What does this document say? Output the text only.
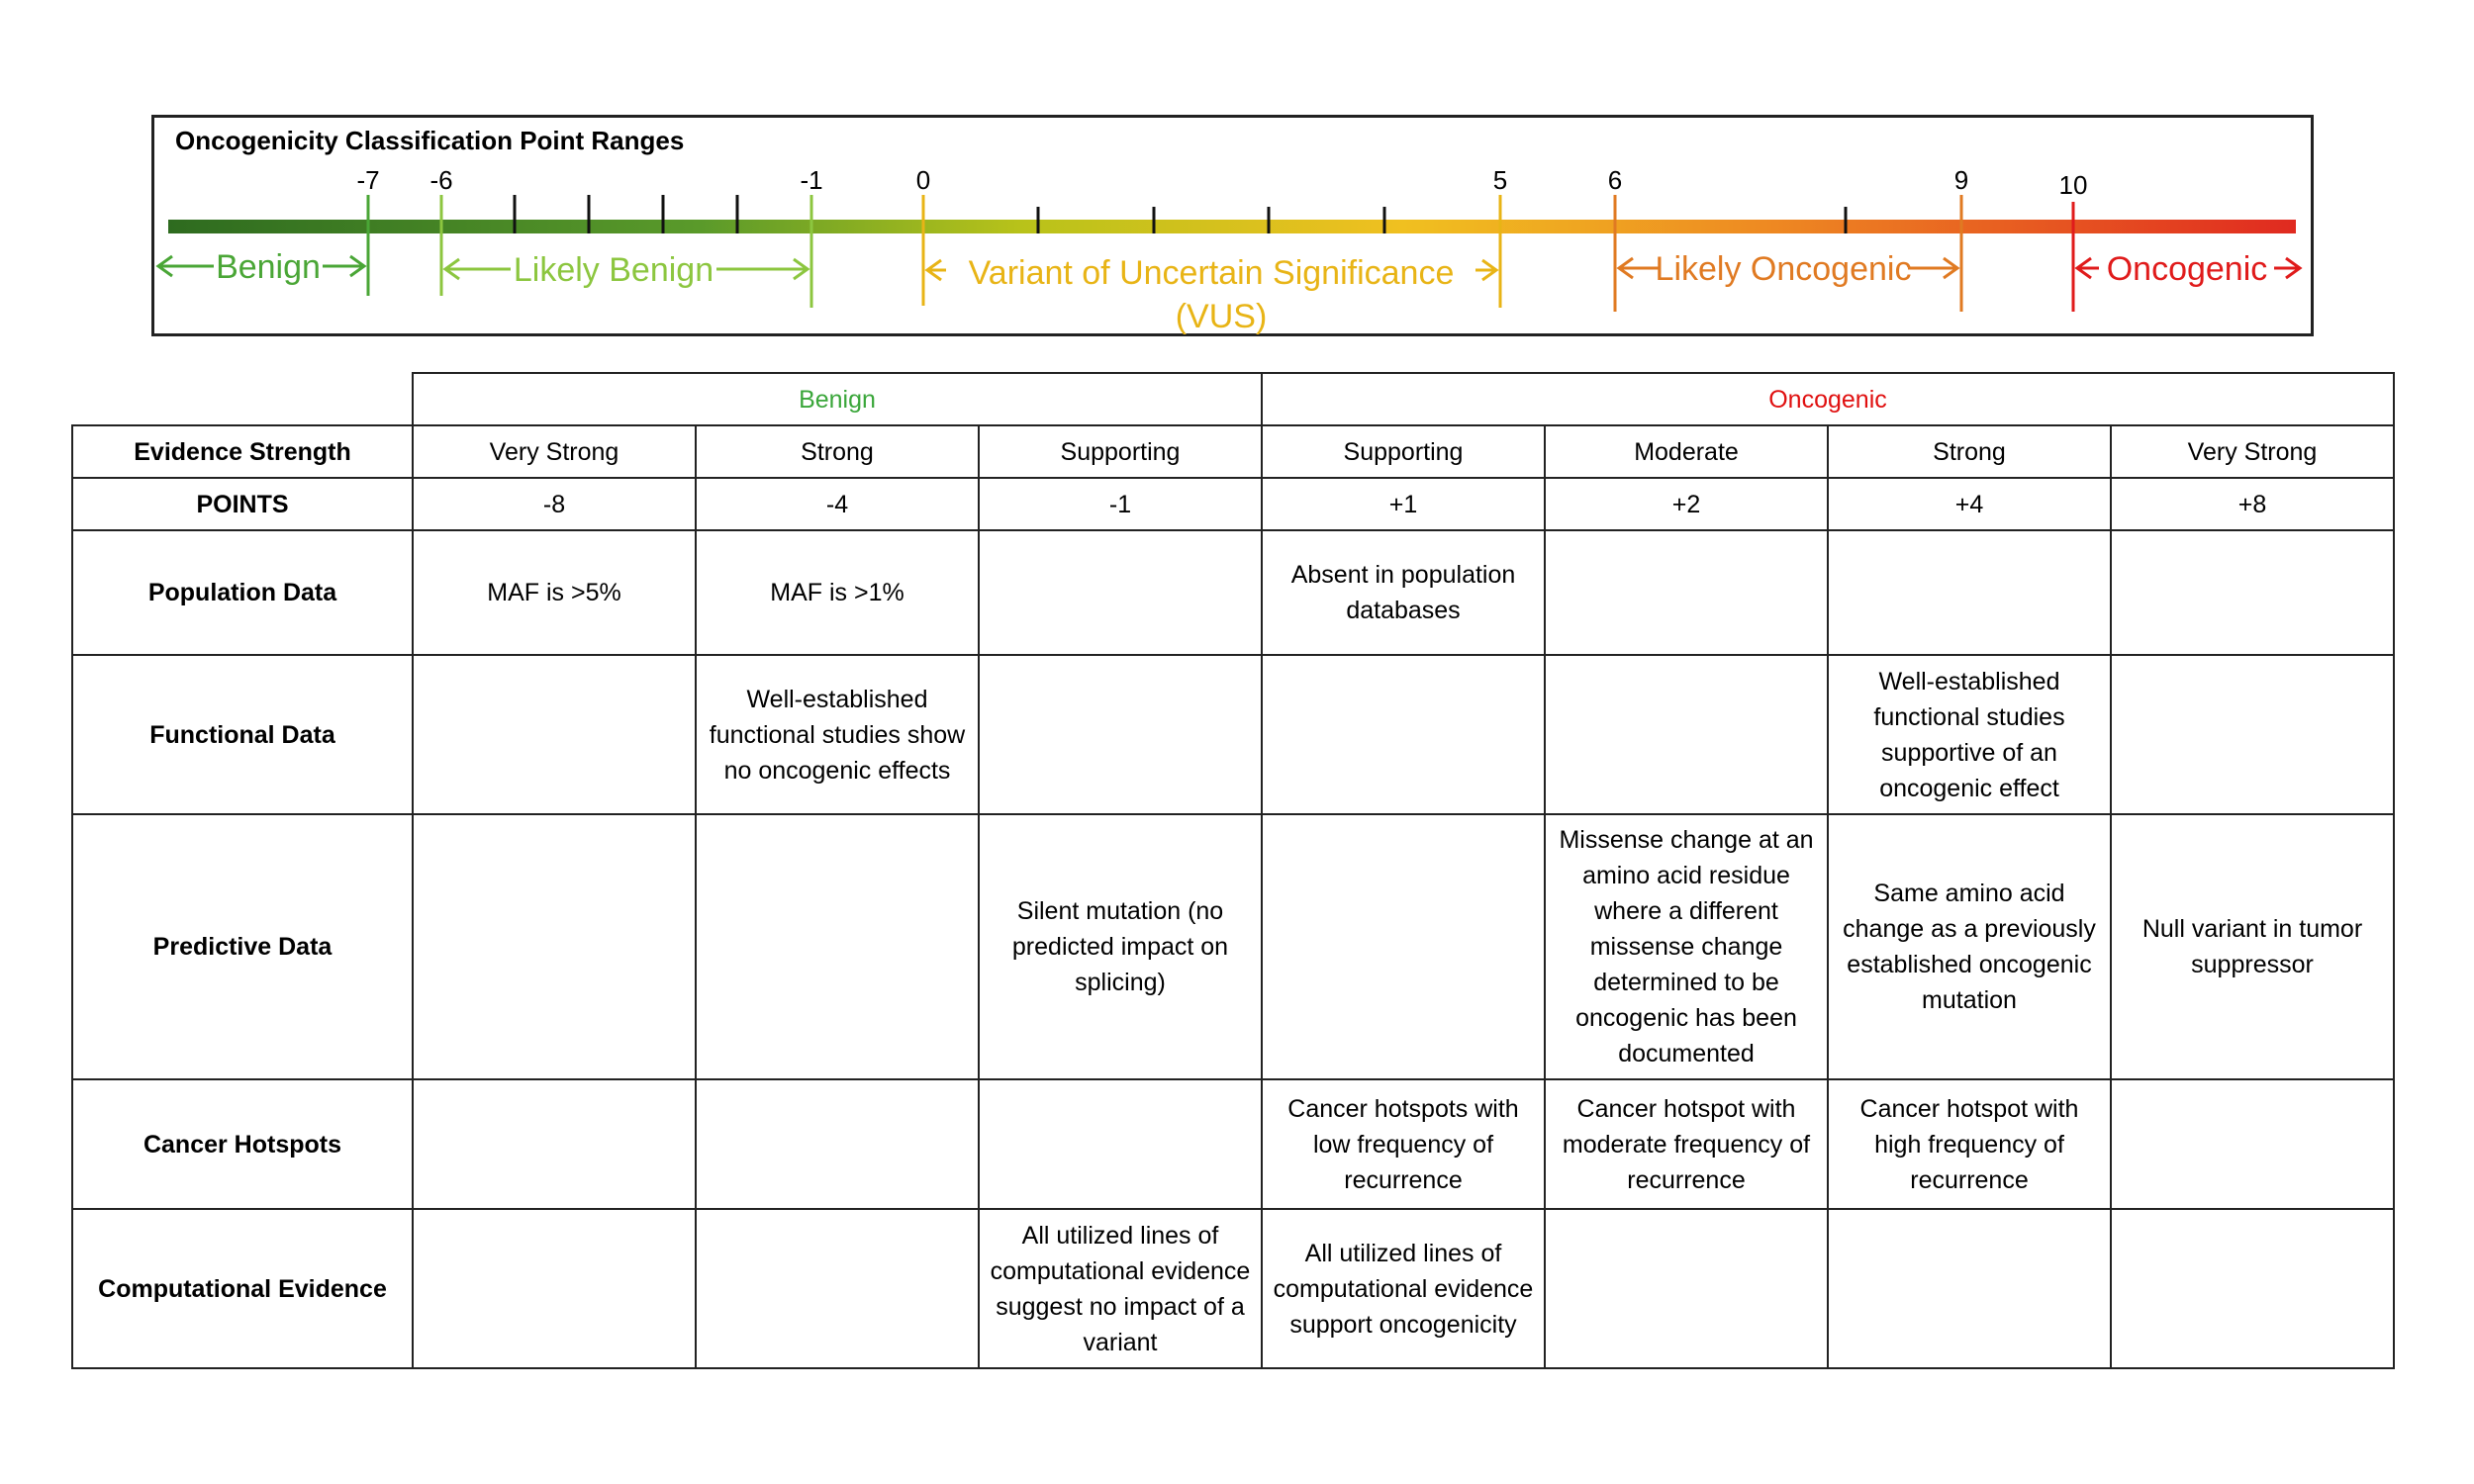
Oncogenicity Classification Point Ranges
-7 -6	-1	0	5	6	9	10
Benign	Likely Benign	Variant of Uncertain Significance
(VUS)
Likely Oncogenic	Oncogenic
	Benign			Oncogenic			
Evidence Strength	Very Strong	Strong	Supporting	Supporting	Moderate	Strong	Very Strong
POINTS	-8	-4	-1	+1	+2	+4	+8
Population Data	MAF is >5%	MAF is >1%		Absent in population databases			
Functional Data		Well-established functional studies show no oncogenic effects				Well-established functional studies supportive of an oncogenic effect	
Predictive Data			Silent mutation (no predicted impact on splicing)		Missense change at an amino acid residue where a different missense change determined to be oncogenic has been documented	Same amino acid change as a previously established oncogenic mutation	Null variant in tumor suppressor
Cancer Hotspots				Cancer hotspots with low frequency of recurrence	Cancer hotspot with moderate frequency of recurrence	Cancer hotspot with high frequency of recurrence	
Computational Evidence			All utilized lines of computational evidence suggest no impact of a variant	All utilized lines of computational evidence support oncogenicity			
